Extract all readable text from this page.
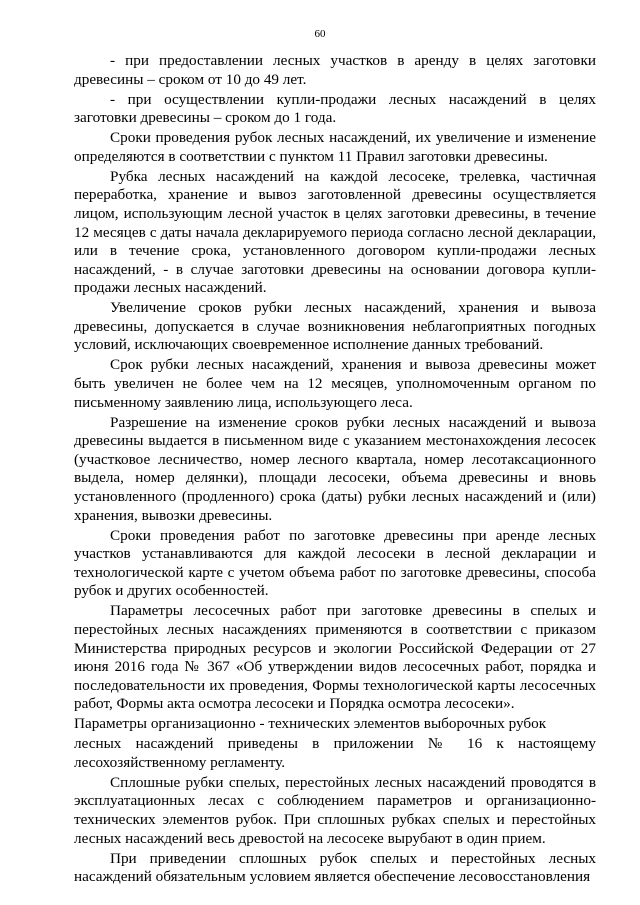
60

- при предоставлении лесных участков в аренду в целях заготовки древесины – сроком от 10 до 49 лет.

- при осуществлении купли-продажи лесных насаждений в целях заготовки древесины – сроком до 1 года.

Сроки проведения рубок лесных насаждений, их увеличение и изменение определяются в соответствии с пунктом 11 Правил заготовки древесины.

Рубка лесных насаждений на каждой лесосеке, трелевка, частичная переработка, хранение и вывоз заготовленной древесины осуществляется лицом, использующим лесной участок в целях заготовки древесины, в течение 12 месяцев с даты начала декларируемого периода согласно лесной декларации, или в течение срока, установленного договором купли-продажи лесных насаждений, - в случае заготовки древесины на основании договора купли-продажи лесных насаждений.

Увеличение сроков рубки лесных насаждений, хранения и вывоза древесины, допускается в случае возникновения неблагоприятных погодных условий, исключающих своевременное исполнение данных требований.

Срок рубки лесных насаждений, хранения и вывоза древесины может быть увеличен не более чем на 12 месяцев, уполномоченным органом по письменному заявлению лица, использующего леса.

Разрешение на изменение сроков рубки лесных насаждений и вывоза древесины выдается в письменном виде с указанием местонахождения лесосек (участковое лесничество, номер лесного квартала, номер лесотаксационного выдела, номер делянки), площади лесосеки, объема древесины и вновь установленного (продленного) срока (даты) рубки лесных насаждений и (или) хранения, вывозки древесины.

Сроки проведения работ по заготовке древесины при аренде лесных участков устанавливаются для каждой лесосеки в лесной декларации и технологической карте с учетом объема работ по заготовке древесины, способа рубок и других особенностей.

Параметры лесосечных работ при заготовке древесины в спелых и перестойных лесных насаждениях применяются в соответствии с приказом Министерства природных ресурсов и экологии Российской Федерации от 27 июня 2016 года № 367 «Об утверждении видов лесосечных работ, порядка и последовательности их проведения, Формы технологической карты лесосечных работ, Формы акта осмотра лесосеки и Порядка осмотра лесосеки».

Параметры организационно - технических элементов выборочных рубок

лесных насаждений приведены в приложении № 16 к настоящему лесохозяйственному регламенту.

Сплошные рубки спелых, перестойных лесных насаждений проводятся в эксплуатационных лесах с соблюдением параметров и организационно-технических элементов рубок. При сплошных рубках спелых и перестойных лесных насаждений весь древостой на лесосеке вырубают в один прием.

При приведении сплошных рубок спелых и перестойных лесных насаждений обязательным условием является обеспечение лесовосстановления
